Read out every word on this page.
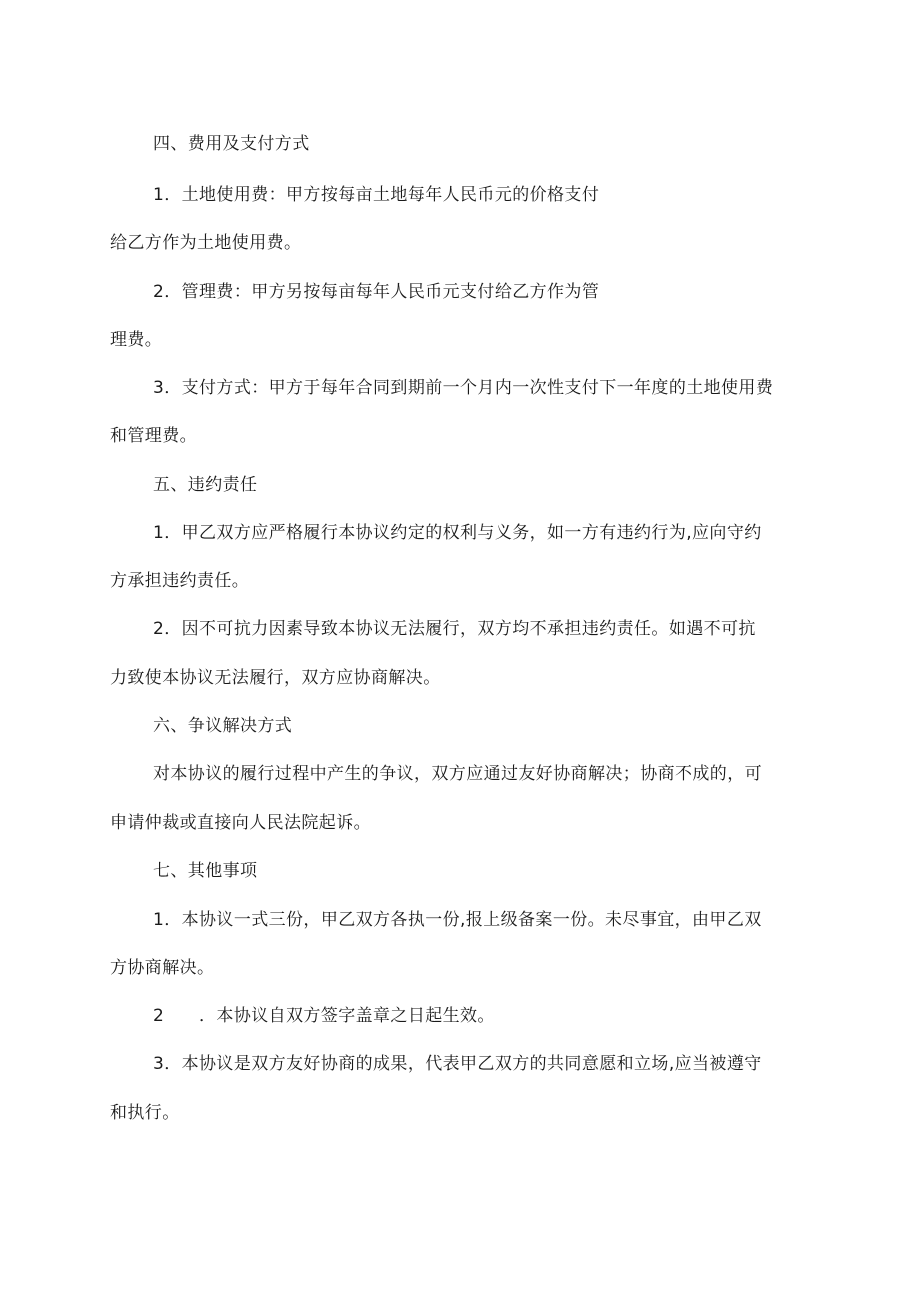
四、费用及支付方式
1．土地使用费：甲方按每亩土地每年人民币元的价格支付
给乙方作为土地使用费。
2．管理费：甲方另按每亩每年人民币元支付给乙方作为管
理费。
3．支付方式：甲方于每年合同到期前一个月内一次性支付下一年度的土地使用费
和管理费。
五、违约责任
1．甲乙双方应严格履行本协议约定的权利与义务，如一方有违约行为,应向守约
方承担违约责任。
2．因不可抗力因素导致本协议无法履行，双方均不承担违约责任。如遇不可抗
力致使本协议无法履行，双方应协商解决。
六、争议解决方式
对本协议的履行过程中产生的争议，双方应通过友好协商解决；协商不成的，可
申请仲裁或直接向人民法院起诉。
七、其他事项
1．本协议一式三份，甲乙双方各执一份,报上级备案一份。未尽事宜，由甲乙双
方协商解决。
2　　．本协议自双方签字盖章之日起生效。
3．本协议是双方友好协商的成果，代表甲乙双方的共同意愿和立场,应当被遵守
和执行。
